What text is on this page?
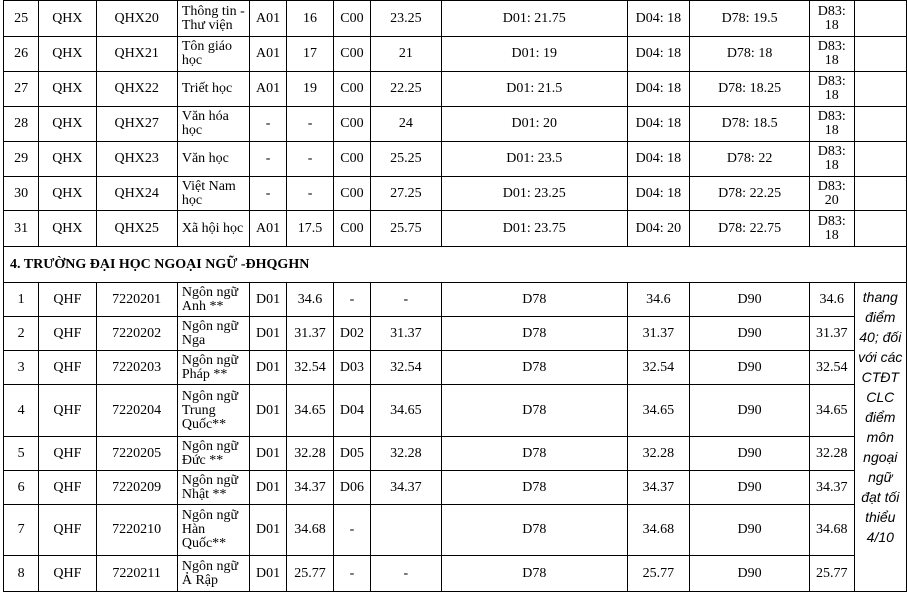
25	QHX	QHX20	Thông tin - Thư viện	A01	16	C00	23.25	D01: 21.75	D04: 18	D78: 19.5	D83: 18	
26	QHX	QHX21	Tôn giáo học	A01	17	C00	21	D01: 19	D04: 18	D78: 18	D83: 18	
27	QHX	QHX22	Triết học	A01	19	C00	22.25	D01: 21.5	D04: 18	D78: 18.25	D83: 18	
28	QHX	QHX27	Văn hóa học	-	-	C00	24	D01: 20	D04: 18	D78: 18.5	D83: 18	
29	QHX	QHX23	Văn học	-	-	C00	25.25	D01: 23.5	D04: 18	D78: 22	D83: 18	
30	QHX	QHX24	Việt Nam học	-	-	C00	27.25	D01: 23.25	D04: 18	D78: 22.25	D83: 20	
31	QHX	QHX25	Xã hội học	A01	17.5	C00	25.75	D01: 23.75	D04: 20	D78: 22.75	D83: 18	
4. TRƯỜNG ĐẠI HỌC NGOẠI NGỮ -ĐHQGHN												
1	QHF	7220201	Ngôn ngữ Anh **	D01	34.6	-	-	D78	34.6	D90	34.6	thang điểm 40; đối với các CTĐT CLC điểm môn ngoại ngữ đạt tối thiểu 4/10
2	QHF	7220202	Ngôn ngữ Nga	D01	31.37	D02	31.37	D78	31.37	D90	31.37	
3	QHF	7220203	Ngôn ngữ Pháp **	D01	32.54	D03	32.54	D78	32.54	D90	32.54	
4	QHF	7220204	Ngôn ngữ Trung Quốc**	D01	34.65	D04	34.65	D78	34.65	D90	34.65	
5	QHF	7220205	Ngôn ngữ Đức **	D01	32.28	D05	32.28	D78	32.28	D90	32.28	
6	QHF	7220209	Ngôn ngữ Nhật **	D01	34.37	D06	34.37	D78	34.37	D90	34.37	
7	QHF	7220210	Ngôn ngữ Hàn Quốc**	D01	34.68	-		D78	34.68	D90	34.68	
8	QHF	7220211	Ngôn ngữ Ả Rập	D01	25.77	-	-	D78	25.77	D90	25.77	
